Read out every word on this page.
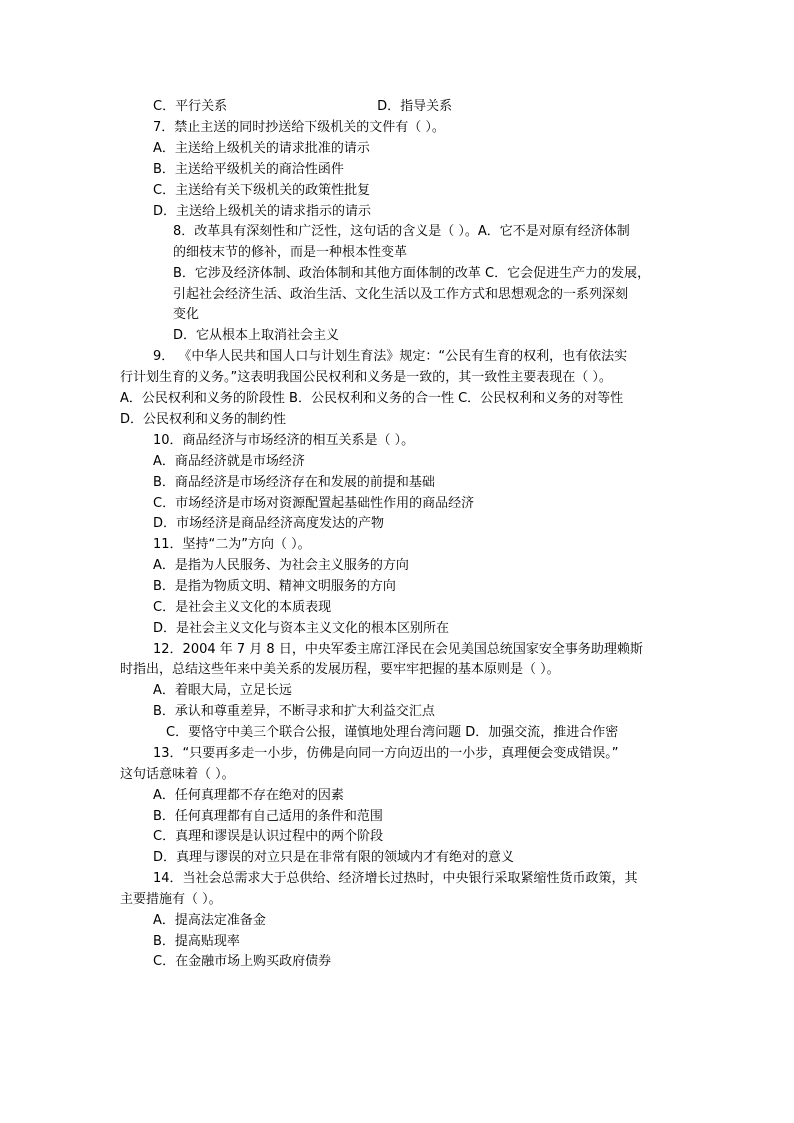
C．平行关系	D．指导关系
7．禁止主送的同时抄送给下级机关的文件有（ ）。
A．主送给上级机关的请求批准的请示
B．主送给平级机关的商洽性函件
C．主送给有关下级机关的政策性批复
D．主送给上级机关的请求指示的请示
8．改革具有深刻性和广泛性，这句话的含义是（ ）。A．它不是对原有经济体制
的细枝末节的修补，而是一种根本性变革
B．它涉及经济体制、政治体制和其他方面体制的改革 C．它会促进生产力的发展，
引起社会经济生活、政治生活、文化生活以及工作方式和思想观念的一系列深刻
变化
D．它从根本上取消社会主义
9． 《中华人民共和国人口与计划生育法》规定：“公民有生育的权利，也有依法实
行计划生育的义务。”这表明我国公民权利和义务是一致的，其一致性主要表现在（ ）。
A．公民权利和义务的阶段性 B．公民权利和义务的合一性 C．公民权利和义务的对等性
D．公民权利和义务的制约性
10．商品经济与市场经济的相互关系是（ ）。
A．商品经济就是市场经济
B．商品经济是市场经济存在和发展的前提和基础
C．市场经济是市场对资源配置起基础性作用的商品经济
D．市场经济是商品经济高度发达的产物
11．坚持“二为”方向（ ）。
A．是指为人民服务、为社会主义服务的方向
B．是指为物质文明、精神文明服务的方向
C．是社会主义文化的本质表现
D．是社会主义文化与资本主义文化的根本区别所在
12．2004 年 7 月 8 日，中央军委主席江泽民在会见美国总统国家安全事务助理赖斯
时指出，总结这些年来中美关系的发展历程，要牢牢把握的基本原则是（ ）。
A．着眼大局，立足长远
B．承认和尊重差异，不断寻求和扩大利益交汇点
C．要恪守中美三个联合公报，谨慎地处理台湾问题 D．加强交流，推进合作密
13．“只要再多走一小步，仿佛是向同一方向迈出的一小步，真理便会变成错误。”
这句话意味着（ ）。
A．任何真理都不存在绝对的因素
B．任何真理都有自己适用的条件和范围
C．真理和谬误是认识过程中的两个阶段
D．真理与谬误的对立只是在非常有限的领域内才有绝对的意义
14．当社会总需求大于总供给、经济增长过热时，中央银行采取紧缩性货币政策，其
主要措施有（ ）。
A．提高法定准备金
B．提高贴现率
C．在金融市场上购买政府债券
